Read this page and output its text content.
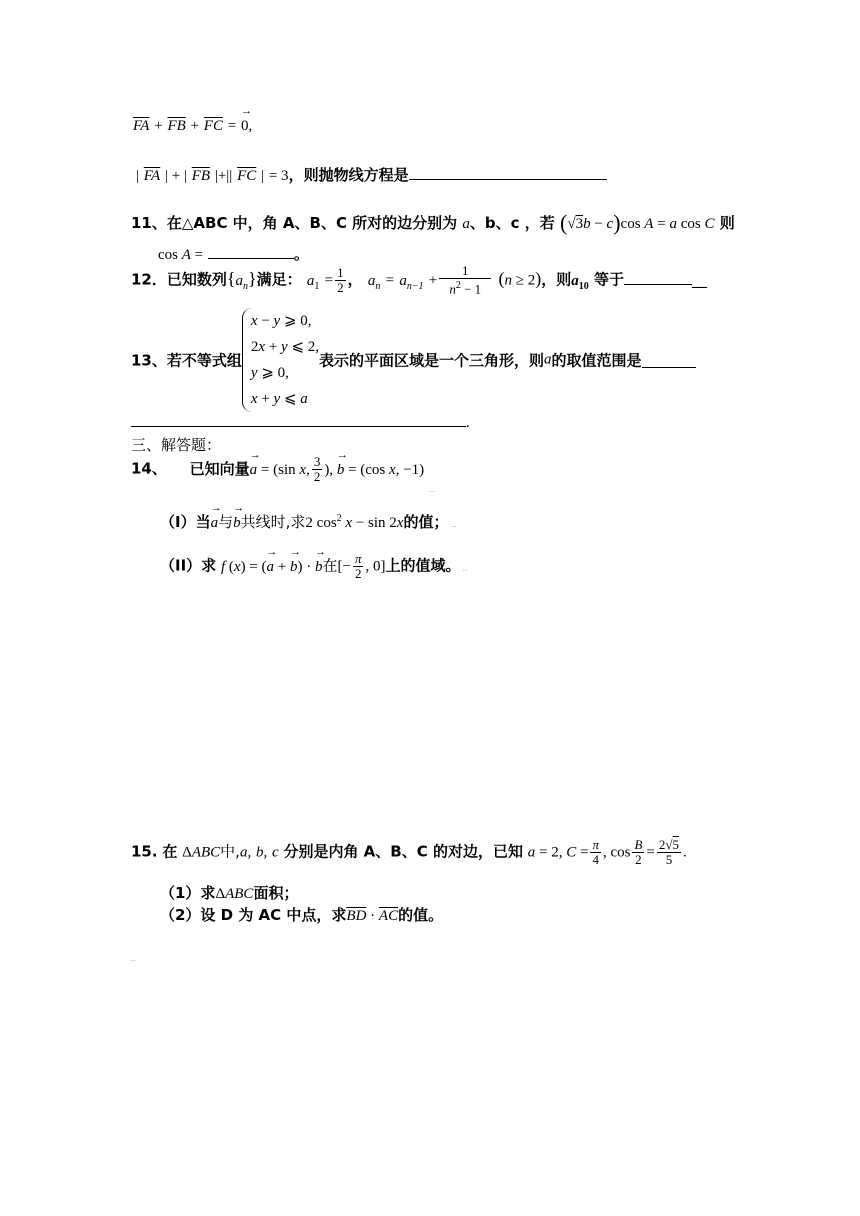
$\overline{FA} + \overline{FB} + \overline{FC}$ = → 0,
| $\overline{FA}$ | + | $\overline{FB}$ |+|| $\overline{FC}$ | = 3，则抛物线方程是
11、在△ABC 中，角 A、B、C 所对的边分别为 a、b、c ，若 (√3b − c)cos A = a cos C 则
cos A =	。
12．已知数列$\{a_n\}$满足： $a_1 = \frac{1}{2}$ ， $a_n = a_{n-1} + \frac{1}{n^2 - 1} (n \ge 2)$，则$a_{10}$ 等于	__
13、若不等式组
x − y ⩾ 0,
2x + y ⩽ 2,
y ⩾ 0,
x + y ⩽ a
表示的平面区域是一个三角形，则a的取值范围是
.
三、解答题：
14、 已知向量→ a = (sin x, $\frac{3}{2}$ ), → b = (cos x, −1)
…
（I）当→ a与→ b共线时,求2 $\cos^2 x - \sin 2x$的值； …
（II）求 f (x) = (→ a + → b) · → b在[− $\frac{\pi}{2}$ , 0]上的值域。 …
15. 在 ΔABC中,a, b, c 分别是内角 A、B、C 的对边，已知 a = 2, $C = \frac{\pi}{4}$ , $\cos \frac{B}{2} = \frac{2√5}{5}$ .
（1）求ΔABC面积；
（2）设 D 为 AC 中点，求$\overline{BD} \cdot \overline{AC}$的值。
…
